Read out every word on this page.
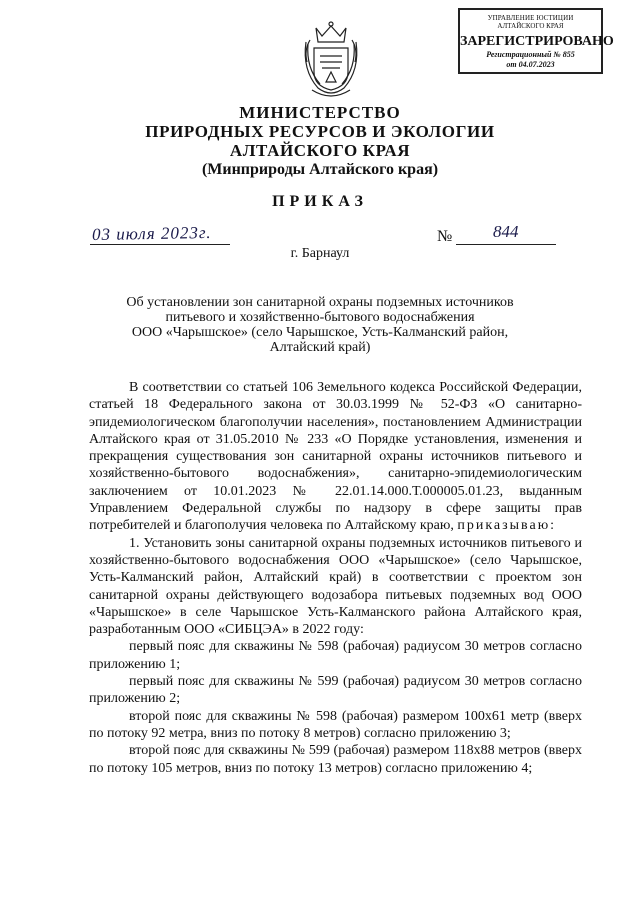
УПРАВЛЕНИЕ ЮСТИЦИИ
АЛТАЙСКОГО КРАЯ
ЗАРЕГИСТРИРОВАНО
Регистрационный № 855
от 04.07.2023
МИНИСТЕРСТВО
ПРИРОДНЫХ РЕСУРСОВ И ЭКОЛОГИИ
АЛТАЙСКОГО КРАЯ
(Минприроды Алтайского края)
ПРИКАЗ
03 июля 2023г.	№ 844
г. Барнаул
Об установлении зон санитарной охраны подземных источников
питьевого и хозяйственно-бытового водоснабжения
ООО «Чарышское» (село Чарышское, Усть-Калманский район,
Алтайский край)

В соответствии со статьей 106 Земельного кодекса Российской Федерации, статьей 18 Федерального закона от 30.03.1999 № 52-ФЗ «О санитарно-эпидемиологическом благополучии населения», постановлением Администрации Алтайского края от 31.05.2010 № 233 «О Порядке установления, изменения и прекращения существования зон санитарной охраны источников питьевого и хозяйственно-бытового водоснабжения», санитарно-эпидемиологическим заключением от 10.01.2023 № 22.01.14.000.Т.000005.01.23, выданным Управлением Федеральной службы по надзору в сфере защиты прав потребителей и благополучия человека по Алтайскому краю, приказываю:

1. Установить зоны санитарной охраны подземных источников питьевого и хозяйственно-бытового водоснабжения ООО «Чарышское» (село Чарышское, Усть-Калманский район, Алтайский край) в соответствии с проектом зон санитарной охраны действующего водозабора питьевых подземных вод ООО «Чарышское» в селе Чарышское Усть-Калманского района Алтайского края, разработанным ООО «СИБЦЭА» в 2022 году:

первый пояс для скважины № 598 (рабочая) радиусом 30 метров согласно приложению 1;

первый пояс для скважины № 599 (рабочая) радиусом 30 метров согласно приложению 2;

второй пояс для скважины № 598 (рабочая) размером 100х61 метр (вверх по потоку 92 метра, вниз по потоку 8 метров) согласно приложению 3;

второй пояс для скважины № 599 (рабочая) размером 118х88 метров (вверх по потоку 105 метров, вниз по потоку 13 метров) согласно приложению 4;
